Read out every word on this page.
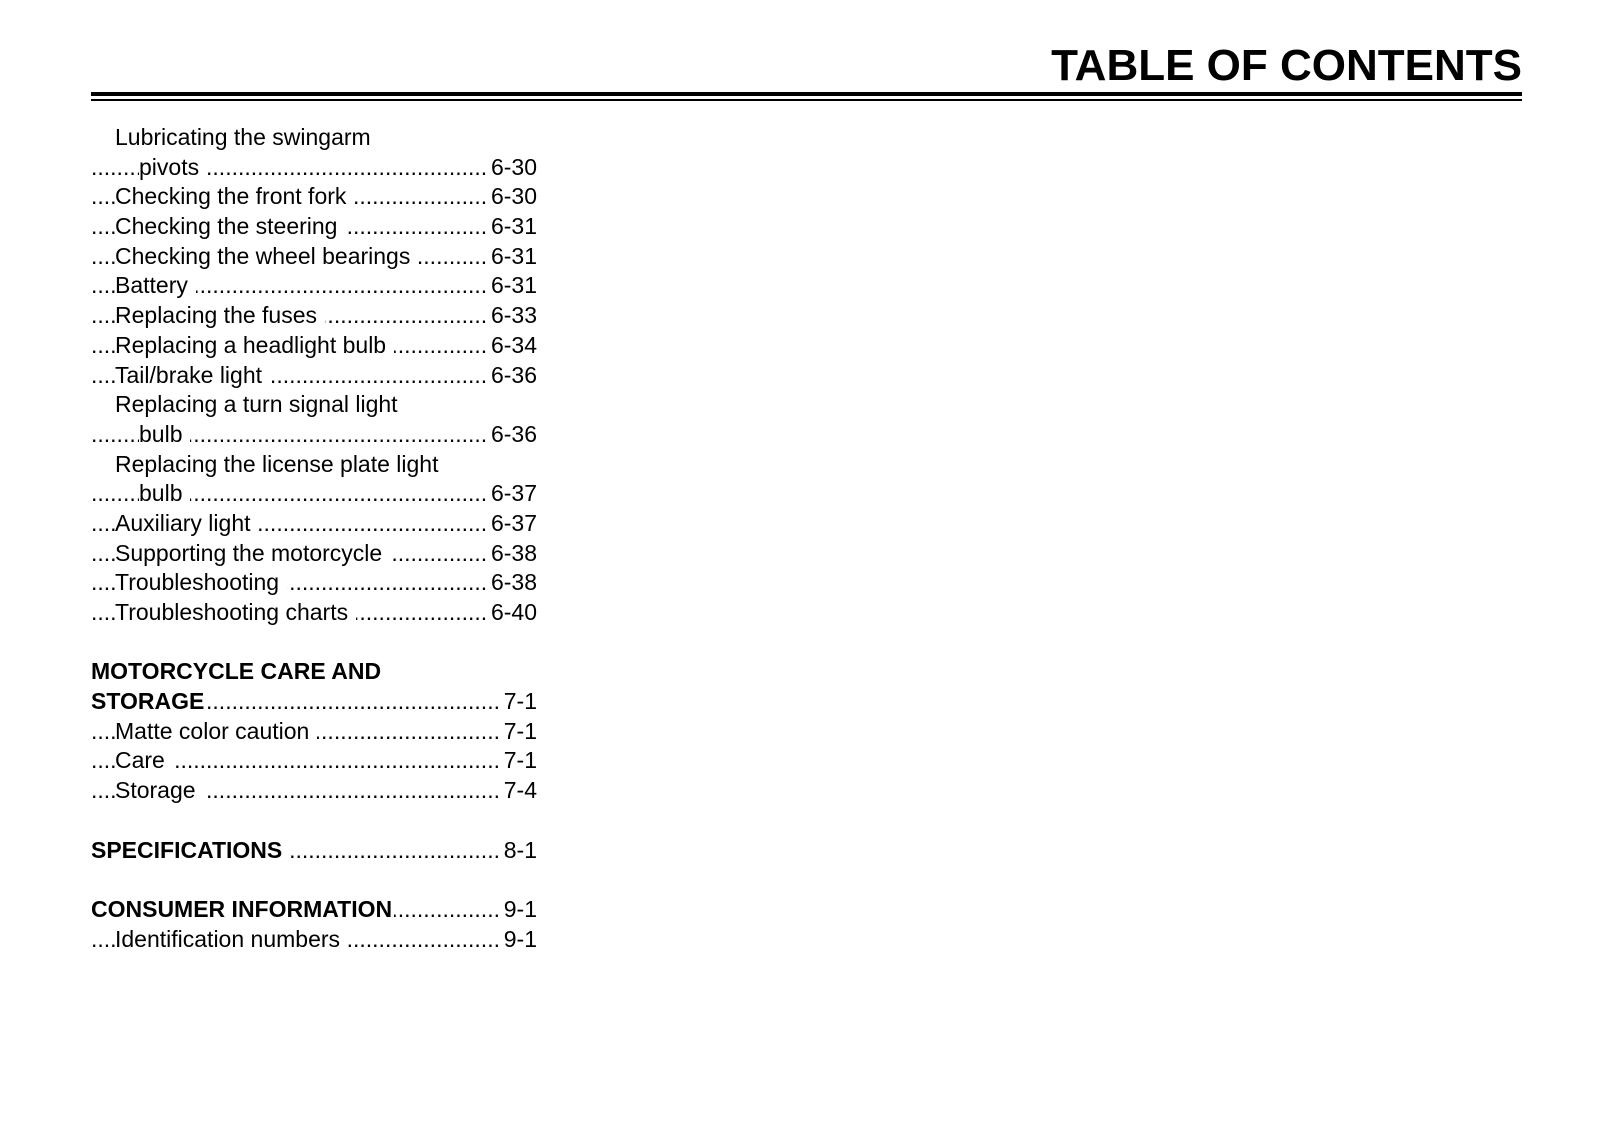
TABLE OF CONTENTS
Lubricating the swingarm
.....
pivots	6-30
.....
Checking the front fork	6-30
.....
Checking the steering	6-31
.....
Checking the wheel bearings	6-31
.....
Battery	6-31
.....
Replacing the fuses	6-33
.....
Replacing a headlight bulb	6-34
.....
Tail/brake light	6-36
Replacing a turn signal light
.....
bulb	6-36
Replacing the license plate light
.....
bulb	6-37
.....
Auxiliary light	6-37
.....
Supporting the motorcycle	6-38
.....
Troubleshooting	6-38
.....
Troubleshooting charts	6-40
MOTORCYCLE CARE AND
.....
STORAGE	7-1
.....
Matte color caution	7-1
.....
Care	7-1
.....
Storage	7-4
.....
SPECIFICATIONS	8-1
.....
CONSUMER INFORMATION	9-1
.....
Identification numbers	9-1
